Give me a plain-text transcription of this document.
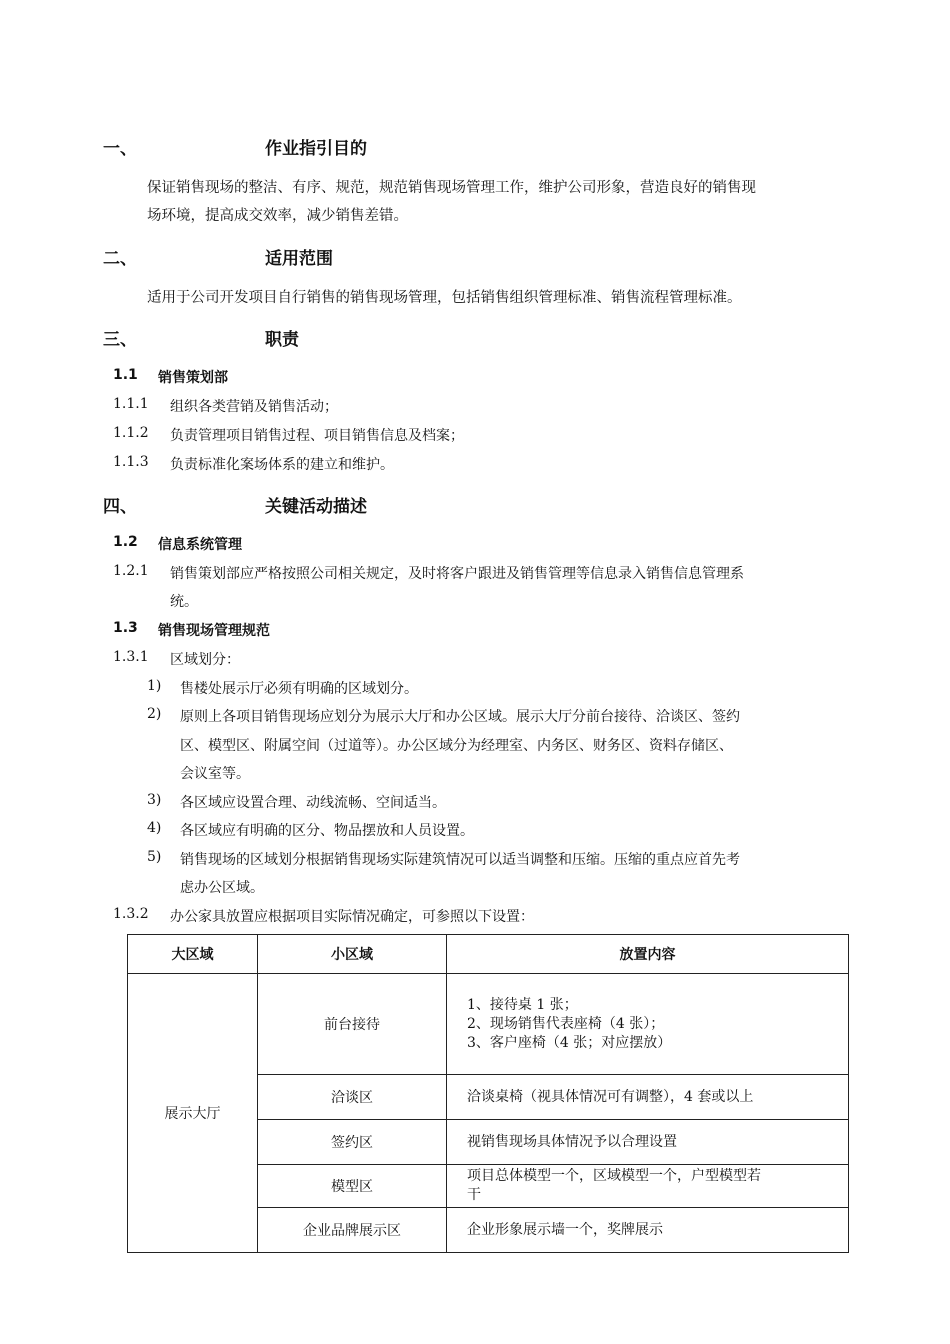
一、	作业指引目的
保证销售现场的整洁、有序、规范，规范销售现场管理工作，维护公司形象，营造良好的销售现
场环境，提高成交效率，减少销售差错。
二、	适用范围
适用于公司开发项目自行销售的销售现场管理，包括销售组织管理标准、销售流程管理标准。
三、	职责
1.1 销售策划部
1.1.1 组织各类营销及销售活动；
1.1.2 负责管理项目销售过程、项目销售信息及档案；
1.1.3 负责标准化案场体系的建立和维护。
四、	关键活动描述
1.2 信息系统管理
1.2.1 销售策划部应严格按照公司相关规定，及时将客户跟进及销售管理等信息录入销售信息管理系
统。
1.3 销售现场管理规范
1.3.1 区域划分：
1) 售楼处展示厅必须有明确的区域划分。
2) 原则上各项目销售现场应划分为展示大厅和办公区域。展示大厅分前台接待、洽谈区、签约
区、模型区、附属空间（过道等）。办公区域分为经理室、内务区、财务区、资料存储区、
会议室等。
3) 各区域应设置合理、动线流畅、空间适当。
4) 各区域应有明确的区分、物品摆放和人员设置。
5) 销售现场的区域划分根据销售现场实际建筑情况可以适当调整和压缩。压缩的重点应首先考
虑办公区域。
1.3.2 办公家具放置应根据项目实际情况确定，可参照以下设置：
大区域	小区域	放置内容
展示大厅	前台接待	1、接待桌 1 张；
2、现场销售代表座椅（4 张）；
3、客户座椅（4 张；对应摆放）

	洽谈区	洽谈桌椅（视具体情况可有调整），4 套或以上

	签约区	视销售现场具体情况予以合理设置

	模型区	项目总体模型一个，区域模型一个，户型模型若
干

	企业品牌展示区	企业形象展示墙一个，奖牌展示
